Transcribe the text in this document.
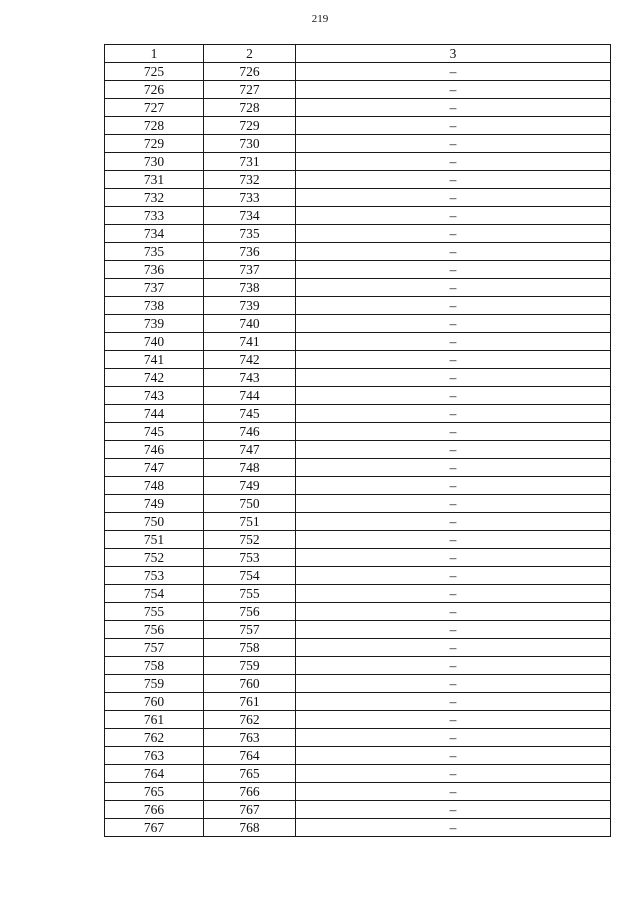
219
1	2	3
725	726	–
726	727	–
727	728	–
728	729	–
729	730	–
730	731	–
731	732	–
732	733	–
733	734	–
734	735	–
735	736	–
736	737	–
737	738	–
738	739	–
739	740	–
740	741	–
741	742	–
742	743	–
743	744	–
744	745	–
745	746	–
746	747	–
747	748	–
748	749	–
749	750	–
750	751	–
751	752	–
752	753	–
753	754	–
754	755	–
755	756	–
756	757	–
757	758	–
758	759	–
759	760	–
760	761	–
761	762	–
762	763	–
763	764	–
764	765	–
765	766	–
766	767	–
767	768	–
